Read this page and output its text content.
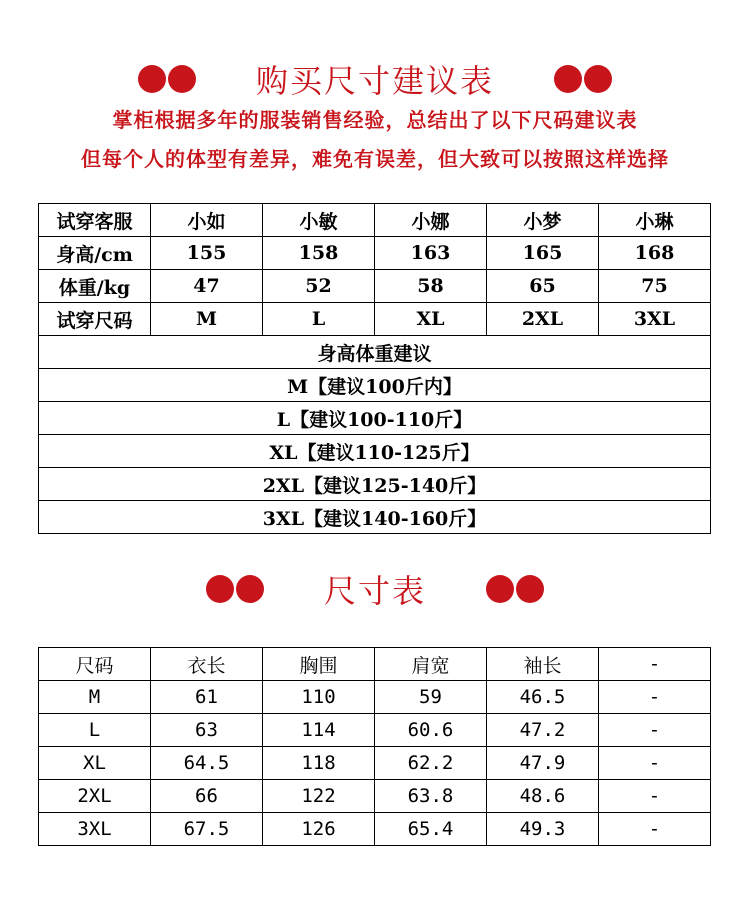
购买尺寸建议表
掌柜根据多年的服装销售经验，总结出了以下尺码建议表
但每个人的体型有差异，难免有误差，但大致可以按照这样选择
试穿客服	小如	小敏	小娜	小梦	小琳
身高/cm	155	158	163	165	168
体重/kg	47	52	58	65	75
试穿尺码	M	L	XL	2XL	3XL
身高体重建议					
M【建议100斤内】					
L【建议100-110斤】					
XL【建议110-125斤】					
2XL【建议125-140斤】					
3XL【建议140-160斤】					
尺寸表
尺码	衣长	胸围	肩宽	袖长	-
M	61	110	59	46.5	-
L	63	114	60.6	47.2	-
XL	64.5	118	62.2	47.9	-
2XL	66	122	63.8	48.6	-
3XL	67.5	126	65.4	49.3	-
